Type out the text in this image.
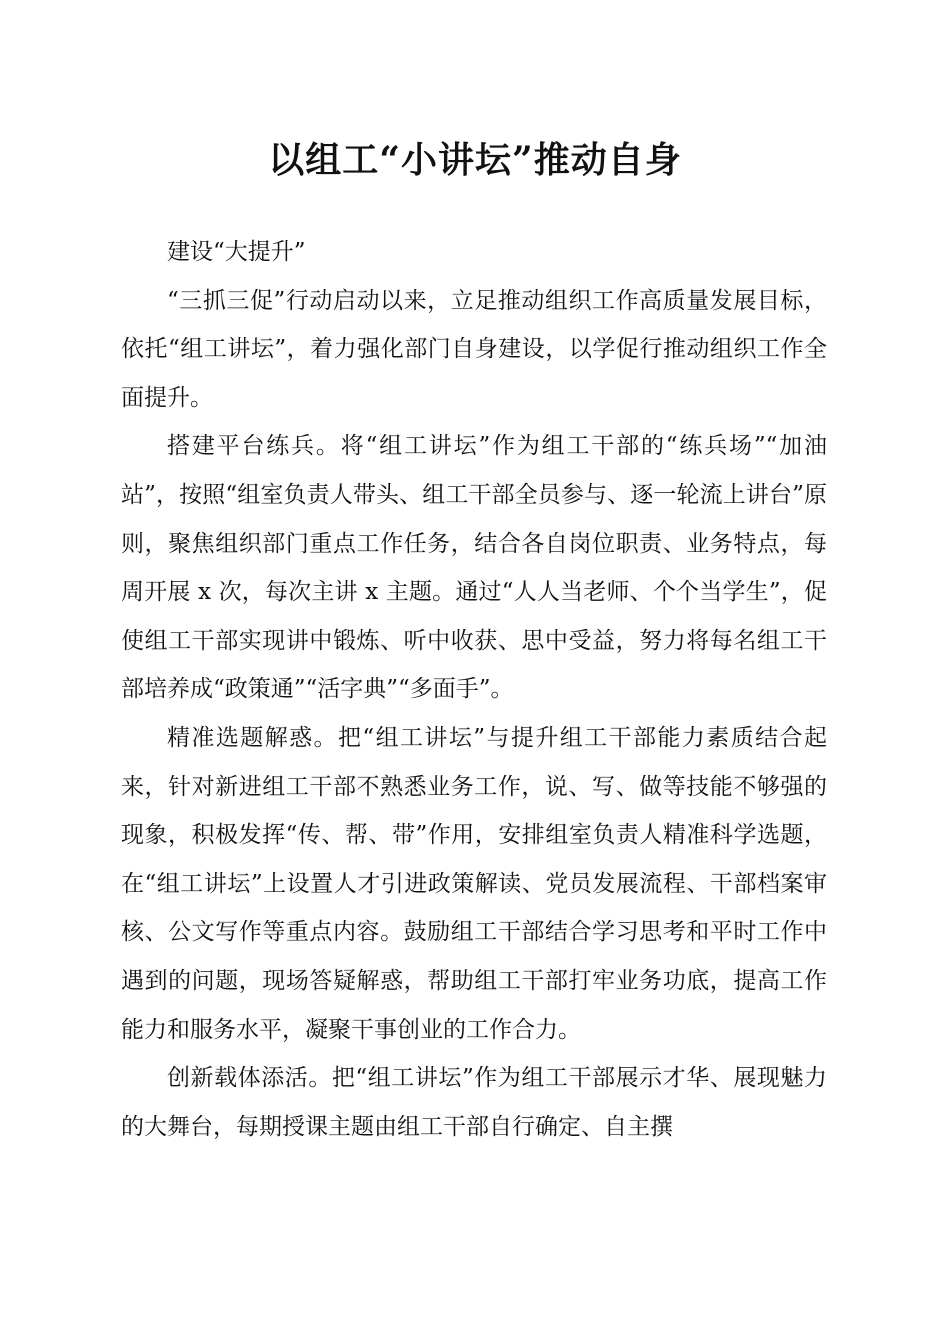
以组工“小讲坛”推动自身

建设“大提升”

“三抓三促”行动启动以来，立足推动组织工作高质量发展目标，依托“组工讲坛”，着力强化部门自身建设，以学促行推动组织工作全面提升。

搭建平台练兵。将“组工讲坛”作为组工干部的“练兵场”“加油站”，按照“组室负责人带头、组工干部全员参与、逐一轮流上讲台”原则，聚焦组织部门重点工作任务，结合各自岗位职责、业务特点，每周开展 x 次，每次主讲 x 主题。通过“人人当老师、个个当学生”，促使组工干部实现讲中锻炼、听中收获、思中受益，努力将每名组工干部培养成“政策通”“活字典”“多面手”。

精准选题解惑。把“组工讲坛”与提升组工干部能力素质结合起来，针对新进组工干部不熟悉业务工作，说、写、做等技能不够强的现象，积极发挥“传、帮、带”作用，安排组室负责人精准科学选题，在“组工讲坛”上设置人才引进政策解读、党员发展流程、干部档案审核、公文写作等重点内容。鼓励组工干部结合学习思考和平时工作中遇到的问题，现场答疑解惑，帮助组工干部打牢业务功底，提高工作能力和服务水平，凝聚干事创业的工作合力。

创新载体添活。把“组工讲坛”作为组工干部展示才华、展现魅力的大舞台，每期授课主题由组工干部自行确定、自主撰
